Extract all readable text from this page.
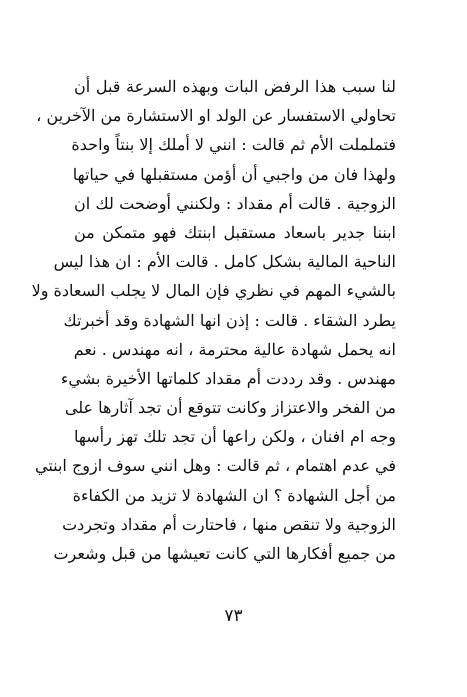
لنا سبب هذا الرفض البات وبهذه السرعة قبل أن
تحاولي الاستفسار عن الولد او الاستشارة من الآخرين ،
فتململت الأم ثم قالت : انني لا أملك إلا بنتاً واحدة
ولهذا فان من واجبي أن أؤمن مستقبلها في حياتها
الزوجية . قالت أم مقداد : ولكنني أوضحت لك ان
ابننا جدير باسعاد مستقبل ابنتك فهو متمكن من
الناحية المالية بشكل كامل . قالت الأم : ان هذا ليس
بالشيء المهم في نظري فإن المال لا يجلب السعادة ولا
يطرد الشقاء . قالت : إذن انها الشهادة وقد أخبرتك
انه يحمل شهادة عالية محترمة ، انه مهندس . نعم
مهندس . وقد رددت أم مقداد كلماتها الأخيرة بشيء
من الفخر والاعتزاز وكانت تتوقع أن تجد آثارها على
وجه ام افنان ، ولكن راعها أن تجد تلك تهز رأسها
في عدم اهتمام ، ثم قالت : وهل انني سوف ازوج ابنتي
من أجل الشهادة ؟ ان الشهادة لا تزيد من الكفاءة
الزوجية ولا تنقص منها ، فاحتارت أم مقداد وتجردت
من جميع أفكارها التي كانت تعيشها من قبل وشعرت
٧٣
